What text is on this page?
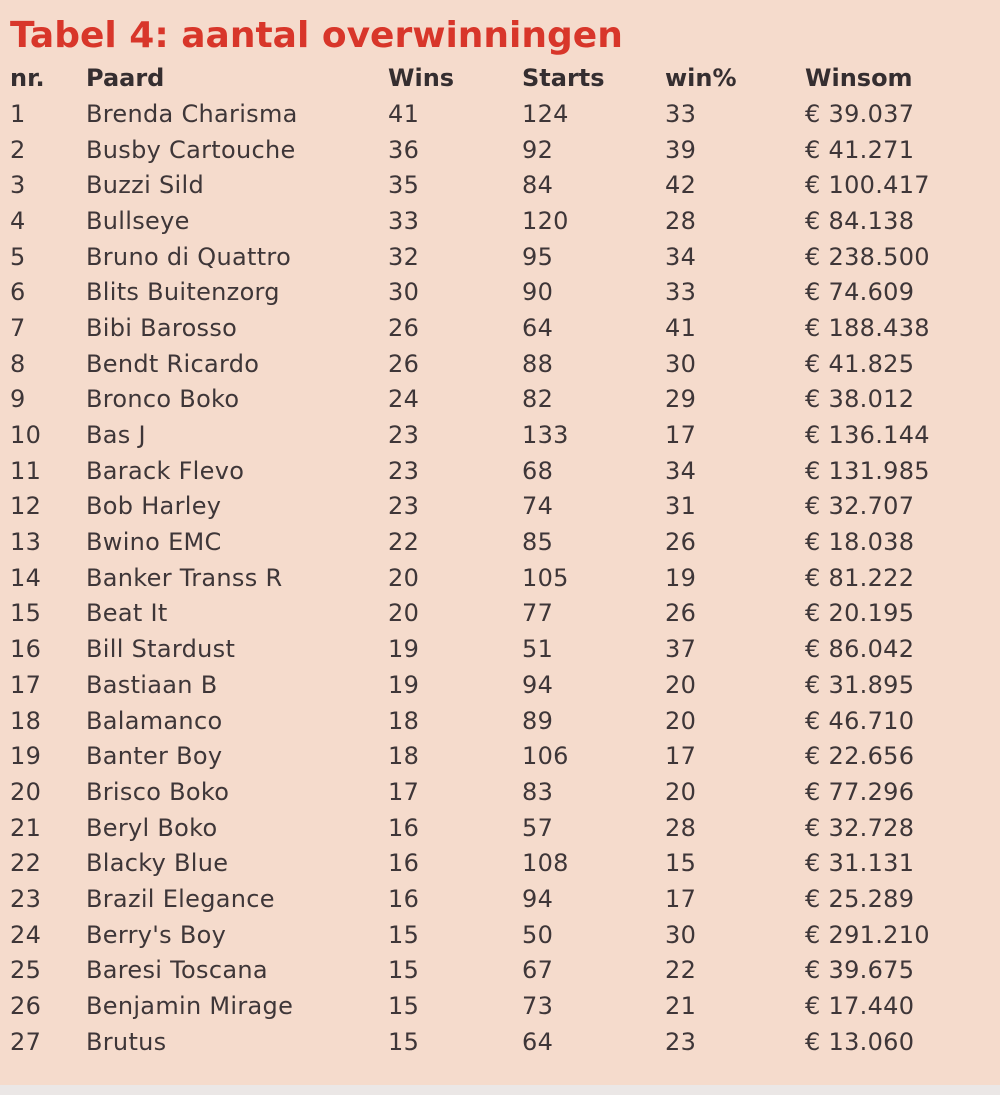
Tabel 4: aantal overwinningen
nr.	Paard	Wins	Starts	win%	Winsom
1	Brenda Charisma	41	124	33	€ 39.037
2	Busby Cartouche	36	92	39	€ 41.271
3	Buzzi Sild	35	84	42	€ 100.417
4	Bullseye	33	120	28	€ 84.138
5	Bruno di Quattro	32	95	34	€ 238.500
6	Blits Buitenzorg	30	90	33	€ 74.609
7	Bibi Barosso	26	64	41	€ 188.438
8	Bendt Ricardo	26	88	30	€ 41.825
9	Bronco Boko	24	82	29	€ 38.012
10	Bas J	23	133	17	€ 136.144
11	Barack Flevo	23	68	34	€ 131.985
12	Bob Harley	23	74	31	€ 32.707
13	Bwino EMC	22	85	26	€ 18.038
14	Banker Transs R	20	105	19	€ 81.222
15	Beat It	20	77	26	€ 20.195
16	Bill Stardust	19	51	37	€ 86.042
17	Bastiaan B	19	94	20	€ 31.895
18	Balamanco	18	89	20	€ 46.710
19	Banter Boy	18	106	17	€ 22.656
20	Brisco Boko	17	83	20	€ 77.296
21	Beryl Boko	16	57	28	€ 32.728
22	Blacky Blue	16	108	15	€ 31.131
23	Brazil Elegance	16	94	17	€ 25.289
24	Berry's Boy	15	50	30	€ 291.210
25	Baresi Toscana	15	67	22	€ 39.675
26	Benjamin Mirage	15	73	21	€ 17.440
27	Brutus	15	64	23	€ 13.060
